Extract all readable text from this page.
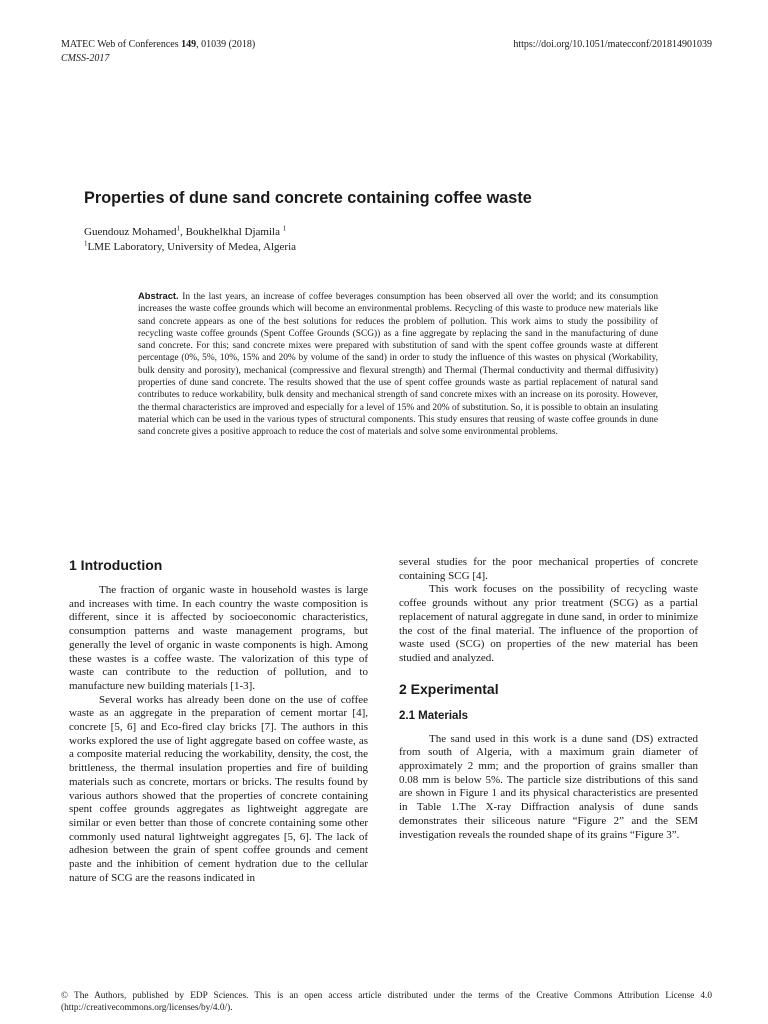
MATEC Web of Conferences 149, 01039 (2018)
CMSS-2017
https://doi.org/10.1051/matecconf/201814901039
Properties of dune sand concrete containing coffee waste
Guendouz Mohamed$^1$, Boukhelkhal Djamila $^1$
$^1$LME Laboratory, University of Medea, Algeria
Abstract. In the last years, an increase of coffee beverages consumption has been observed all over the world; and its consumption increases the waste coffee grounds which will become an environmental problems. Recycling of this waste to produce new materials like sand concrete appears as one of the best solutions for reduces the problem of pollution. This work aims to study the possibility of recycling waste coffee grounds (Spent Coffee Grounds (SCG)) as a fine aggregate by replacing the sand in the manufacturing of dune sand concrete. For this; sand concrete mixes were prepared with substitution of sand with the spent coffee grounds waste at different percentage (0%, 5%, 10%, 15% and 20% by volume of the sand) in order to study the influence of this wastes on physical (Workability, bulk density and porosity), mechanical (compressive and flexural strength) and Thermal (Thermal conductivity and thermal diffusivity) properties of dune sand concrete. The results showed that the use of spent coffee grounds waste as partial replacement of natural sand contributes to reduce workability, bulk density and mechanical strength of sand concrete mixes with an increase on its porosity. However, the thermal characteristics are improved and especially for a level of 15% and 20% of substitution. So, it is possible to obtain an insulating material which can be used in the various types of structural components. This study ensures that reusing of waste coffee grounds in dune sand concrete gives a positive approach to reduce the cost of materials and solve some environmental problems.
1 Introduction

The fraction of organic waste in household wastes is large and increases with time. In each country the waste composition is different, since it is affected by socioeconomic characteristics, consumption patterns and waste management programs, but generally the level of organic in waste components is high. Among these wastes is a coffee waste. The valorization of this type of waste can contribute to the reduction of pollution, and to manufacture new building materials [1-3].

Several works has already been done on the use of coffee waste as an aggregate in the preparation of cement mortar [4], concrete [5, 6] and Eco-fired clay bricks [7]. The authors in this works explored the use of light aggregate based on coffee waste, as a composite material reducing the workability, density, the cost, the brittleness, the thermal insulation properties and fire of building materials such as concrete, mortars or bricks. The results found by various authors showed that the properties of concrete containing spent coffee grounds aggregates as lightweight aggregate are similar or even better than those of concrete containing some other commonly used natural lightweight aggregates [5, 6]. The lack of adhesion between the grain of spent coffee grounds and cement paste and the inhibition of cement hydration due to the cellular nature of SCG are the reasons indicated in

several studies for the poor mechanical properties of concrete containing SCG [4].

This work focuses on the possibility of recycling waste coffee grounds without any prior treatment (SCG) as a partial replacement of natural aggregate in dune sand, in order to minimize the cost of the final material. The influence of the proportion of waste used (SCG) on properties of the new material has been studied and analyzed.

2 Experimental
2.1 Materials

The sand used in this work is a dune sand (DS) extracted from south of Algeria, with a maximum grain diameter of approximately 2 mm; and the proportion of grains smaller than 0.08 mm is below 5%. The particle size distributions of this sand are shown in Figure 1 and its physical characteristics are presented in Table 1.The X-ray Diffraction analysis of dune sands demonstrates their siliceous nature “Figure 2” and the SEM investigation reveals the rounded shape of its grains “Figure 3”.

© The Authors, published by EDP Sciences. This is an open access article distributed under the terms of the Creative Commons Attribution License 4.0 (http://creativecommons.org/licenses/by/4.0/).
